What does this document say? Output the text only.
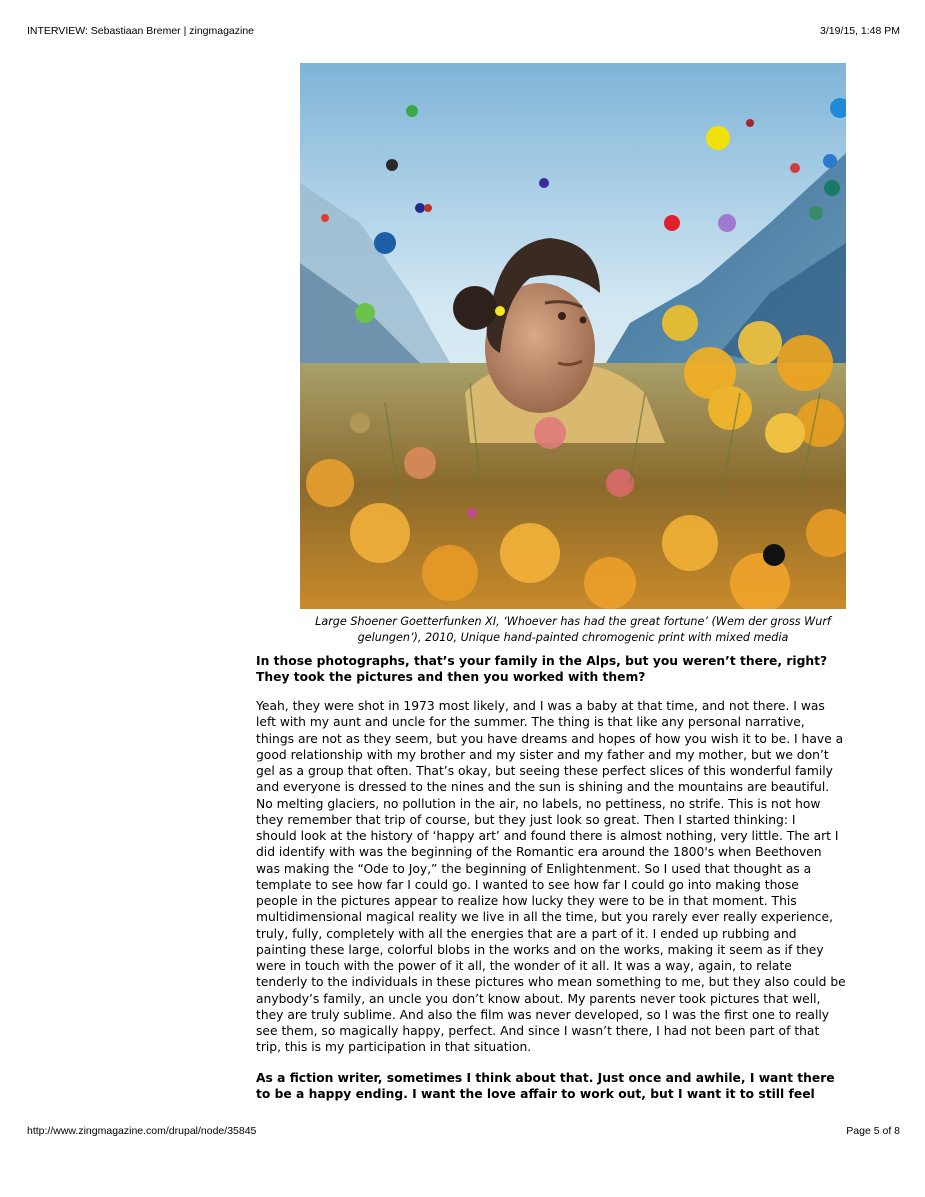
INTERVIEW: Sebastiaan Bremer | zingmagazine	3/19/15, 1:48 PM
Large Shoener Goetterfunken XI, ‘Whoever has had the great fortune’ (Wem der gross Wurf
gelungen’), 2010, Unique hand-painted chromogenic print with mixed media
In those photographs, that’s your family in the Alps, but you weren’t there, right?
They took the pictures and then you worked with them?
Yeah, they were shot in 1973 most likely, and I was a baby at that time, and not there. I was
left with my aunt and uncle for the summer. The thing is that like any personal narrative,
things are not as they seem, but you have dreams and hopes of how you wish it to be. I have a
good relationship with my brother and my sister and my father and my mother, but we don’t
gel as a group that often. That’s okay, but seeing these perfect slices of this wonderful family
and everyone is dressed to the nines and the sun is shining and the mountains are beautiful.
No melting glaciers, no pollution in the air, no labels, no pettiness, no strife. This is not how
they remember that trip of course, but they just look so great. Then I started thinking: I
should look at the history of ‘happy art’ and found there is almost nothing, very little. The art I
did identify with was the beginning of the Romantic era around the 1800's when Beethoven
was making the “Ode to Joy,” the beginning of Enlightenment. So I used that thought as a
template to see how far I could go. I wanted to see how far I could go into making those
people in the pictures appear to realize how lucky they were to be in that moment. This
multidimensional magical reality we live in all the time, but you rarely ever really experience,
truly, fully, completely with all the energies that are a part of it. I ended up rubbing and
painting these large, colorful blobs in the works and on the works, making it seem as if they
were in touch with the power of it all, the wonder of it all. It was a way, again, to relate
tenderly to the individuals in these pictures who mean something to me, but they also could be
anybody’s family, an uncle you don’t know about. My parents never took pictures that well,
they are truly sublime. And also the film was never developed, so I was the first one to really
see them, so magically happy, perfect. And since I wasn’t there, I had not been part of that
trip, this is my participation in that situation.
As a fiction writer, sometimes I think about that. Just once and awhile, I want there
to be a happy ending. I want the love affair to work out, but I want it to still feel
http://www.zingmagazine.com/drupal/node/35845	Page 5 of 8
